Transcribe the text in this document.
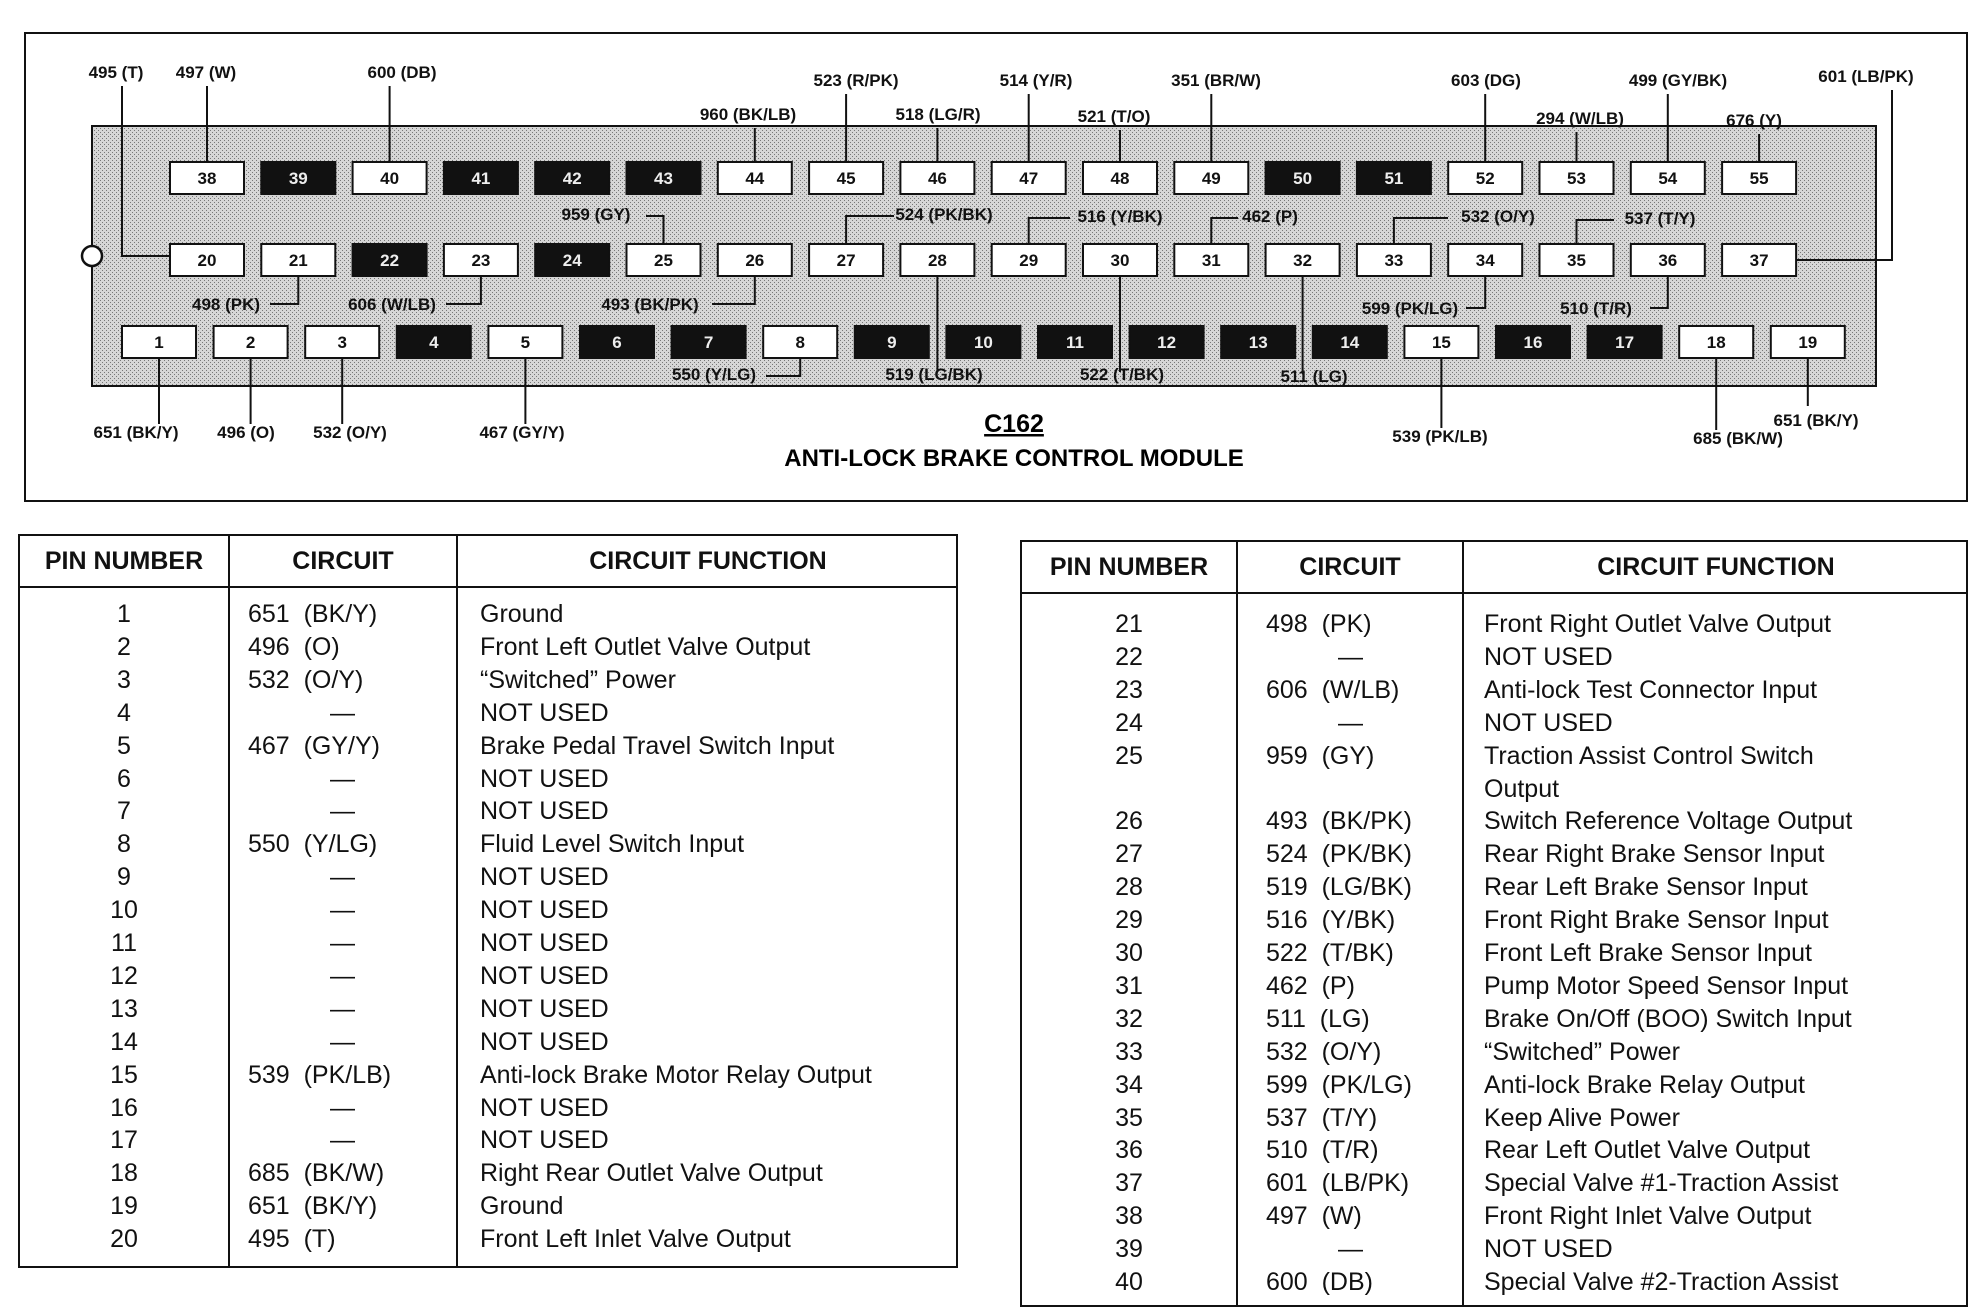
38	39	40	41	42	43	44	45	46	47	48	49	50	51	52	53	54	55
20	21	22	23	24	25	26	27	28	29	30	31	32	33	34	35	36	37
1	2	3	4	5	6	7	8	9	10	11	12	13	14	15	16	17	18	19
495 (T) 497 (W)	600 (DB)	523 (R/PK)	514 (Y/R)	351 (BR/W)	603 (DG)	499 (GY/BK)	601 (LB/PK)
960 (BK/LB)	518 (LG/R)	521 (T/O)	294 (W/LB)	676 (Y)
959 (GY)	524 (PK/BK)	516 (Y/BK)	462 (P)	532 (O/Y)	537 (T/Y)
498 (PK)	606 (W/LB)	493 (BK/PK)	599 (PK/LG)	510 (T/R)
550 (Y/LG)	519 (LG/BK)	522 (T/BK)	511 (LG)
651 (BK/Y) 496 (O) 532 (O/Y)	467 (GY/Y)	539 (PK/LB)	685 (BK/W)
651 (BK/Y)
C162
ANTI-LOCK BRAKE CONTROL MODULE
PIN NUMBER	CIRCUIT	CIRCUIT FUNCTION
1	651  (BK/Y)	Ground
2	496  (O)	Front Left Outlet Valve Output
3	532  (O/Y)	“Switched” Power
4	—	NOT USED
5	467  (GY/Y)	Brake Pedal Travel Switch Input
6	—	NOT USED
7	—	NOT USED
8	550  (Y/LG)	Fluid Level Switch Input
9	—	NOT USED
10	—	NOT USED
11	—	NOT USED
12	—	NOT USED
13	—	NOT USED
14	—	NOT USED
15	539  (PK/LB)	Anti-lock Brake Motor Relay Output
16	—	NOT USED
17	—	NOT USED
18	685  (BK/W)	Right Rear Outlet Valve Output
19	651  (BK/Y)	Ground
20	495  (T)	Front Left Inlet Valve Output
PIN NUMBER	CIRCUIT	CIRCUIT FUNCTION
21	498  (PK)	Front Right Outlet Valve Output
22	—	NOT USED
23	606  (W/LB)	Anti-lock Test Connector Input
24	—	NOT USED
25	959  (GY)	Traction Assist Control Switch
Output
26	493  (BK/PK)	Switch Reference Voltage Output
27	524  (PK/BK)	Rear Right Brake Sensor Input
28	519  (LG/BK)	Rear Left Brake Sensor Input
29	516  (Y/BK)	Front Right Brake Sensor Input
30	522  (T/BK)	Front Left Brake Sensor Input
31	462  (P)	Pump Motor Speed Sensor Input
32	511  (LG)	Brake On/Off (BOO) Switch Input
33	532  (O/Y)	“Switched” Power
34	599  (PK/LG)	Anti-lock Brake Relay Output
35	537  (T/Y)	Keep Alive Power
36	510  (T/R)	Rear Left Outlet Valve Output
37	601  (LB/PK)	Special Valve #1-Traction Assist
38	497  (W)	Front Right Inlet Valve Output
39	—	NOT USED
40	600  (DB)	Special Valve #2-Traction Assist
